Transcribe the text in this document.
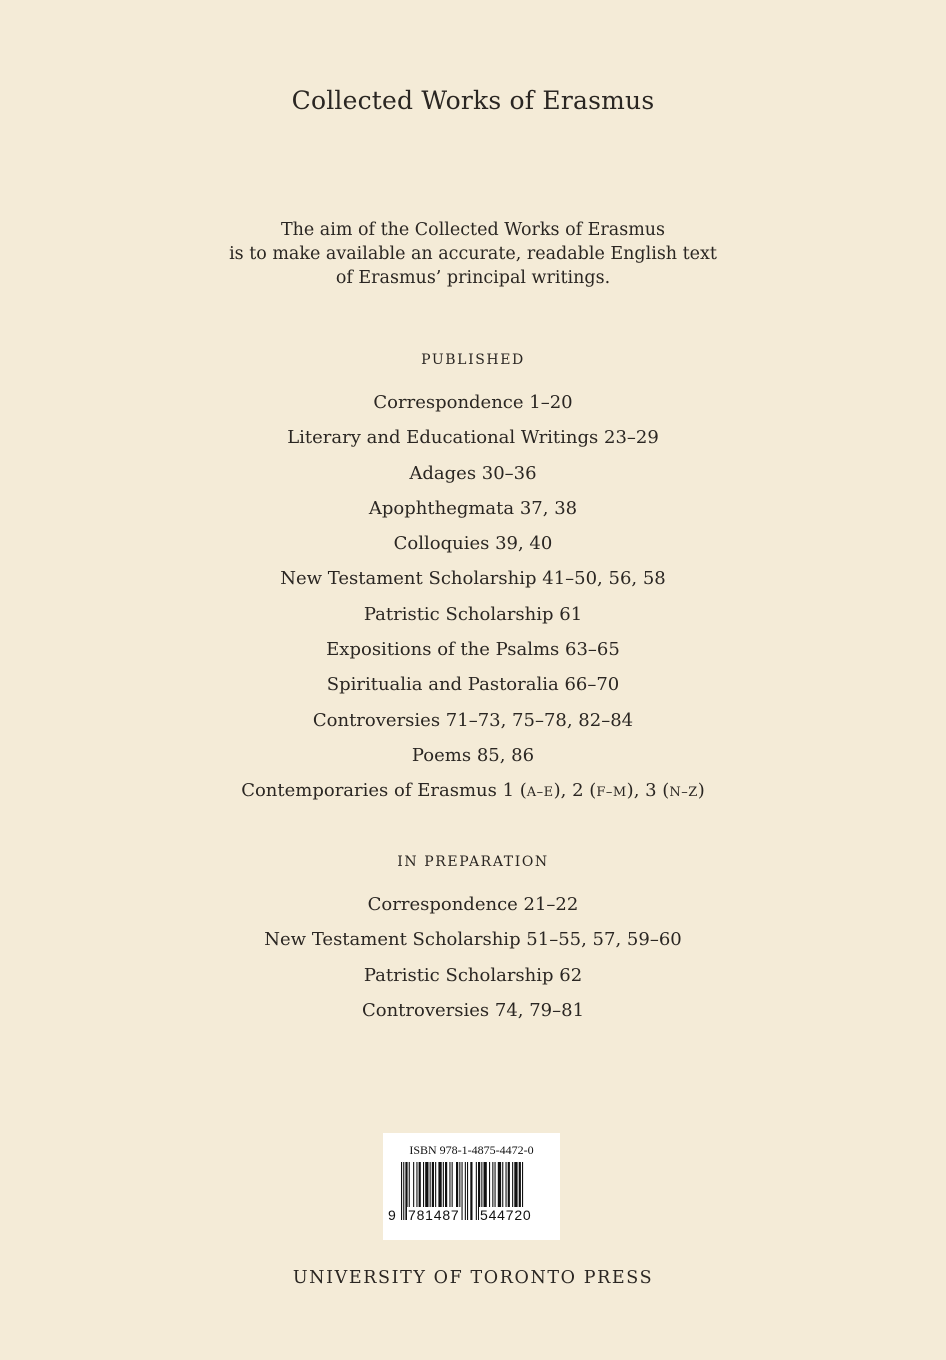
Collected Works of Erasmus
The aim of the Collected Works of Erasmus
is to make available an accurate, readable English text
of Erasmus’ principal writings.
PUBLISHED
Correspondence 1–20
Literary and Educational Writings 23–29
Adages 30–36
Apophthegmata 37, 38
Colloquies 39, 40
New Testament Scholarship 41–50, 56, 58
Patristic Scholarship 61
Expositions of the Psalms 63–65
Spiritualia and Pastoralia 66–70
Controversies 71–73, 75–78, 82–84
Poems 85, 86
Contemporaries of Erasmus 1 (A–E), 2 (F–M), 3 (N–Z)
IN PREPARATION
Correspondence 21–22
New Testament Scholarship 51–55, 57, 59–60
Patristic Scholarship 62
Controversies 74, 79–81
ISBN 978-1-4875-4472-0
9 781487 544720
UNIVERSITY OF TORONTO PRESS
